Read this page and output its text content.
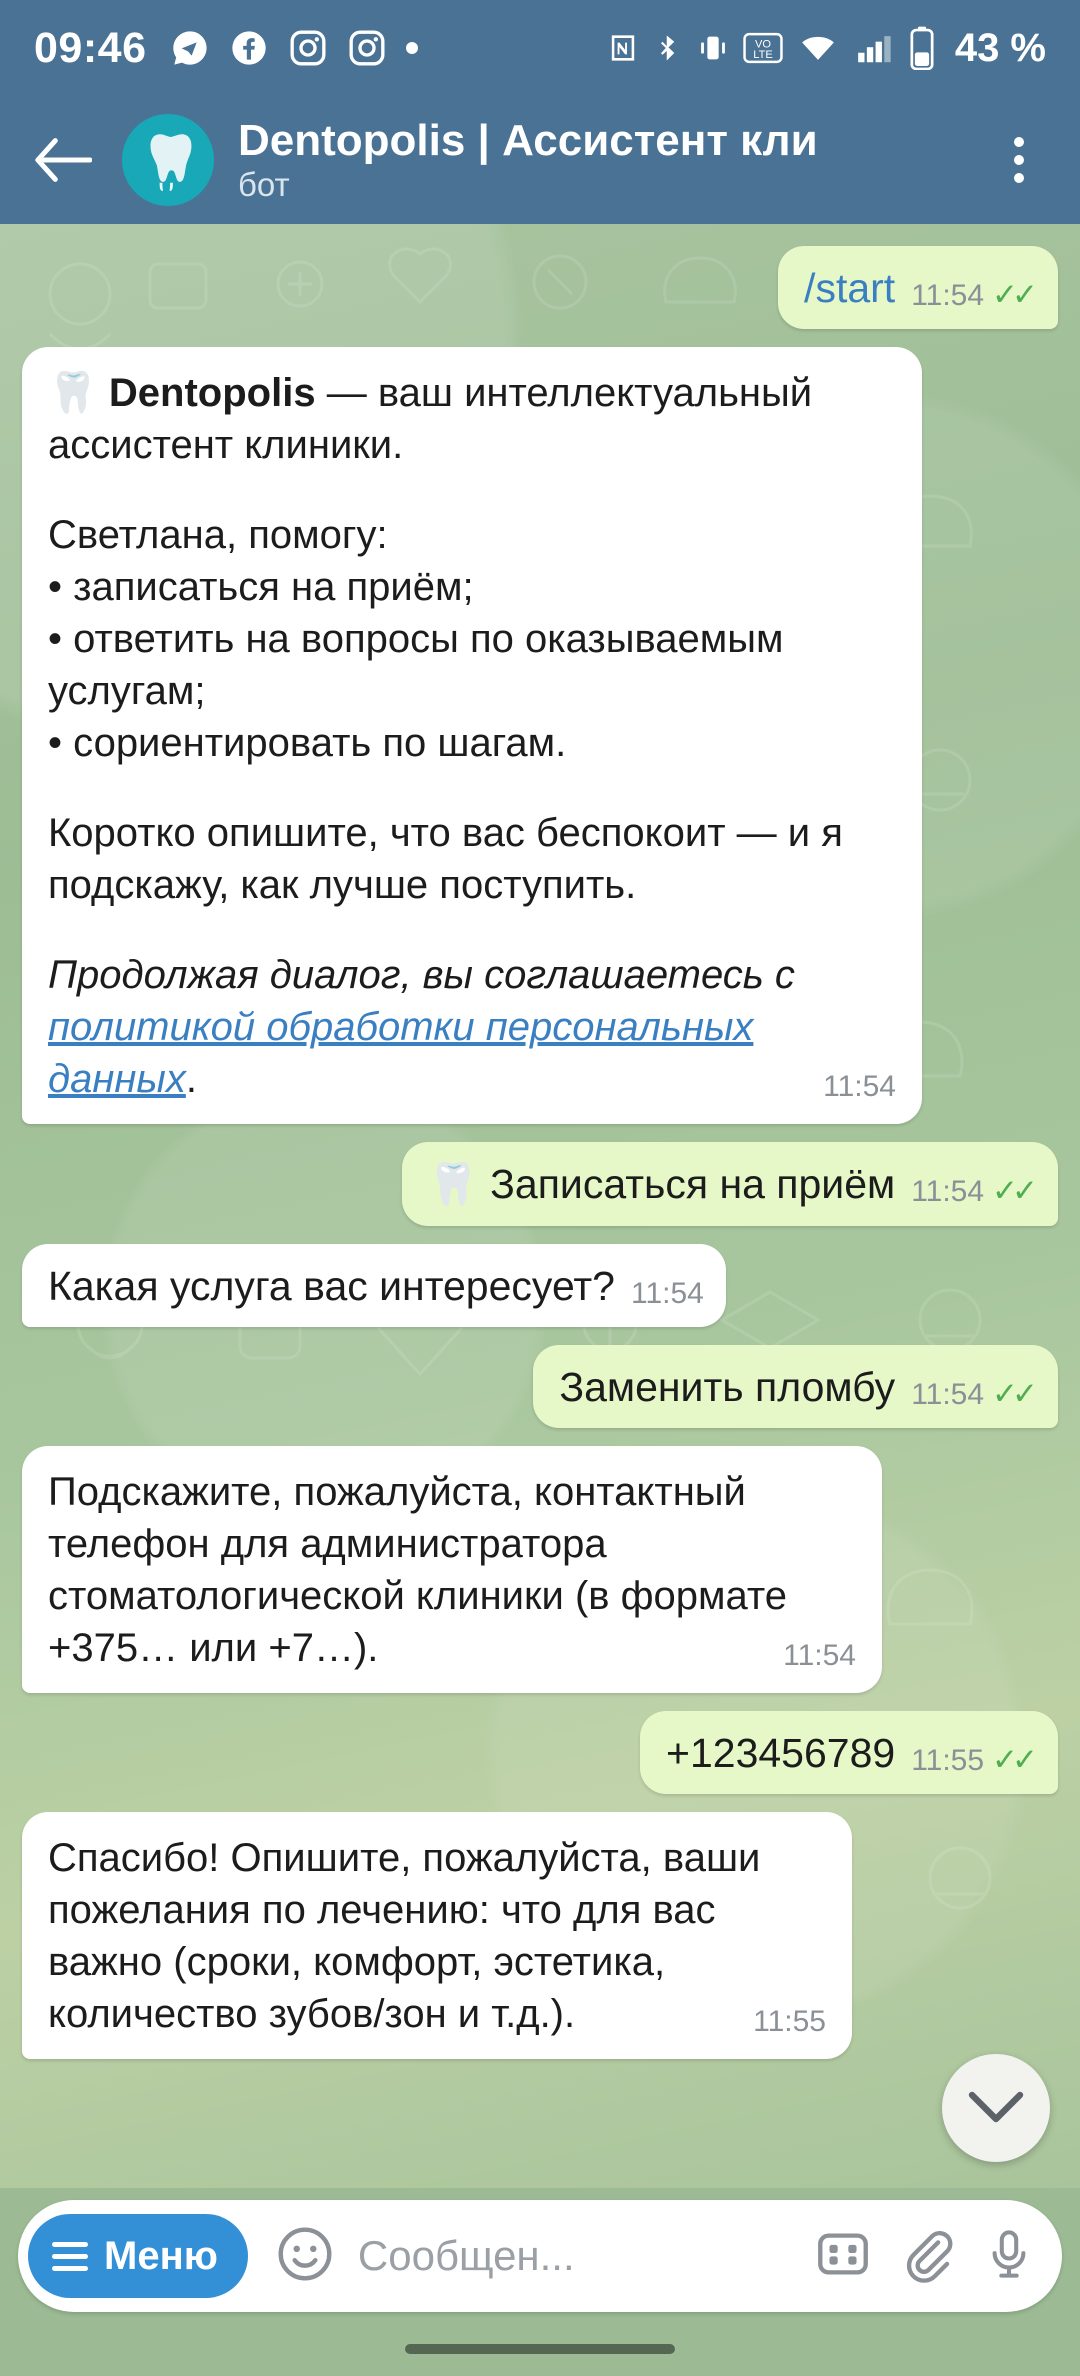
09:46	VO
LTE	43 %
Dentopolis | Ассистент кли
бот
/start 11:54 ✓✓

🦷 Dentopolis — ваш интеллектуальный ассистент клиники.

Светлана, помогу:

• записаться на приём;

• ответить на вопросы по оказываемым услугам;

• сориентировать по шагам.

Коротко опишите, что вас беспокоит — и я подскажу, как лучше поступить.

Продолжая диалог, вы соглашаетесь с политикой обработки персональных данных.	11:54

🦷 Записаться на приём 11:54 ✓✓
Какая услуга вас интересует? 11:54
Заменить пломбу 11:54 ✓✓
Подскажите, пожалуйста, контактный телефон для администратора стоматологической клиники (в формате +375… или +7…).	11:54
+123456789 11:55 ✓✓
Спасибо! Опишите, пожалуйста, ваши пожелания по лечению: что для вас важно (сроки, комфорт, эстетика, количество зубов/зон и т.д.).	11:55
Меню	Сообщен...
